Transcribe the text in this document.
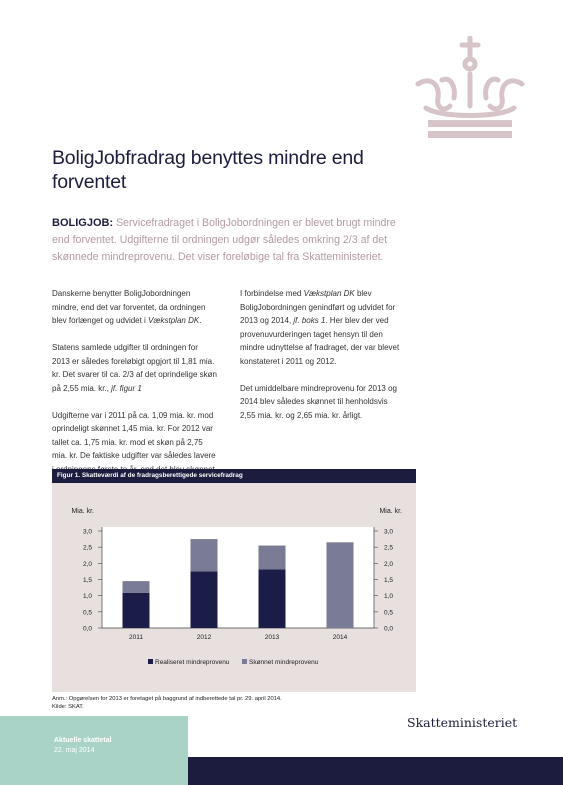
BoligJobfradrag benyttes mindre end forventet
BOLIGJOB: Servicefradraget i BoligJobordningen er blevet brugt mindre end forventet. Udgifterne til ordningen udgør således omkring 2/3 af det skønnede mindreprovenu. Det viser foreløbige tal fra Skatteministeriet.

Danskerne benytter BoligJobordningen mindre, end det var forventet, da ordningen blev forlænget og udvidet i Vækstplan DK.

Statens samlede udgifter til ordningen for 2013 er således foreløbigt opgjort til 1,81 mia. kr. Det svarer til ca. 2/3 af det oprindelige skøn på 2,55 mia. kr., jf. figur 1

Udgifterne var i 2011 på ca. 1,09 mia. kr. mod oprindeligt skønnet 1,45 mia. kr. For 2012 var tallet ca. 1,75 mia. kr. mod et skøn på 2,75 mia. kr. De faktiske udgifter var således lavere

I forbindelse med Vækstplan DK blev BoligJobordningen genindført og udvidet for 2013 og 2014, jf. boks 1. Her blev der ved provenuvurderingen taget hensyn til den mindre udnyttelse af fradraget, der var blevet konstateret i 2011 og 2012.

Det umiddelbare mindreprovenu for 2013 og 2014 blev således skønnet til henholdsvis 2,55 mia. kr. og 2,65 mia. kr. årligt.

Figur 1. Skatteværdi af de fradragsberettigede servicefradrag
Mia. kr.	Mia. kr.
0,0	0,0
0,5	0,5
1,0	1,0
1,5	1,5
2,0	2,0
2,5	2,5
3,0	3,0
2011	2012	2013	2014
Realiseret mindreprovenu	Skønnet mindreprovenu
Anm.: Opgørelsen for 2013 er foretaget på baggrund af indberettede tal pr. 29. april 2014.
Kilde: SKAT.
Aktuelle skattetal
22. maj 2014
Skatteministeriet
